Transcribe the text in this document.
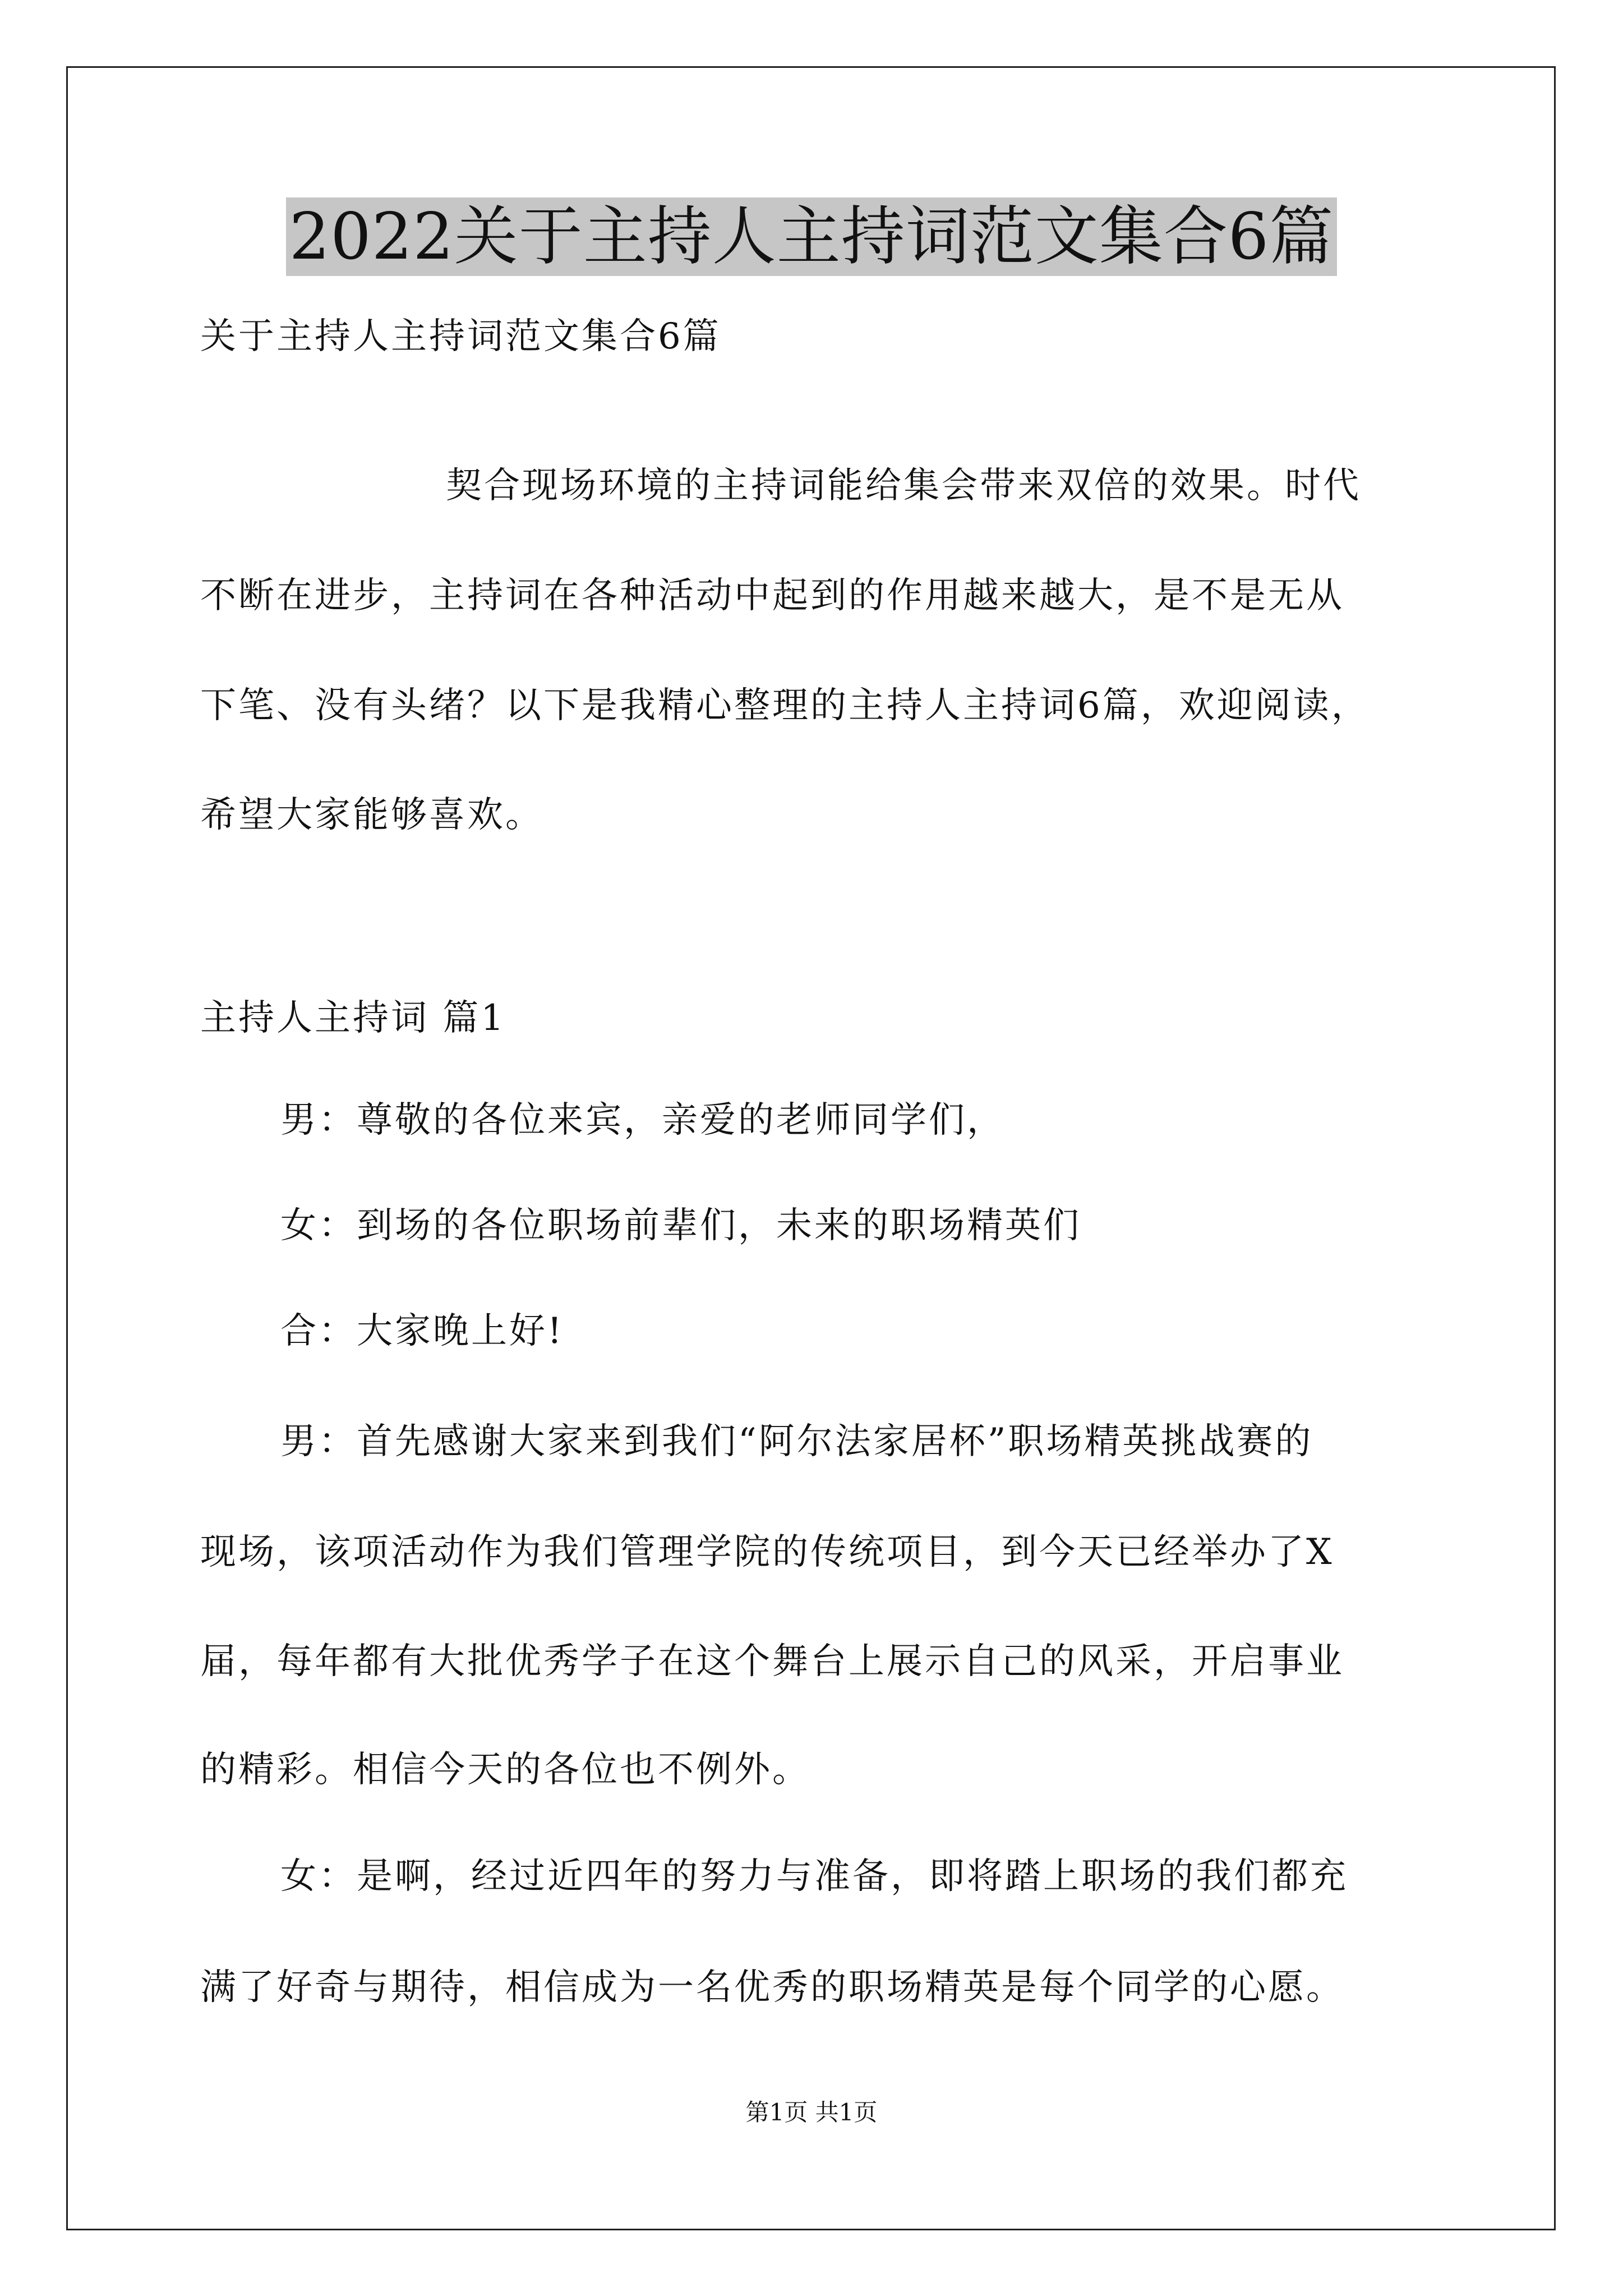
2022关于主持人主持词范文集合6篇
关于主持人主持词范文集合6篇
契合现场环境的主持词能给集会带来双倍的效果。时代
不断在进步，主持词在各种活动中起到的作用越来越大，是不是无从
下笔、没有头绪？以下是我精心整理的主持人主持词6篇，欢迎阅读，
希望大家能够喜欢。
主持人主持词 篇1
男：尊敬的各位来宾，亲爱的老师同学们，
女：到场的各位职场前辈们，未来的职场精英们
合：大家晚上好!
男：首先感谢大家来到我们“阿尔法家居杯”职场精英挑战赛的
现场，该项活动作为我们管理学院的传统项目，到今天已经举办了X
届，每年都有大批优秀学子在这个舞台上展示自己的风采，开启事业
的精彩。相信今天的各位也不例外。
女：是啊，经过近四年的努力与准备，即将踏上职场的我们都充
满了好奇与期待，相信成为一名优秀的职场精英是每个同学的心愿。
第1页 共1页
